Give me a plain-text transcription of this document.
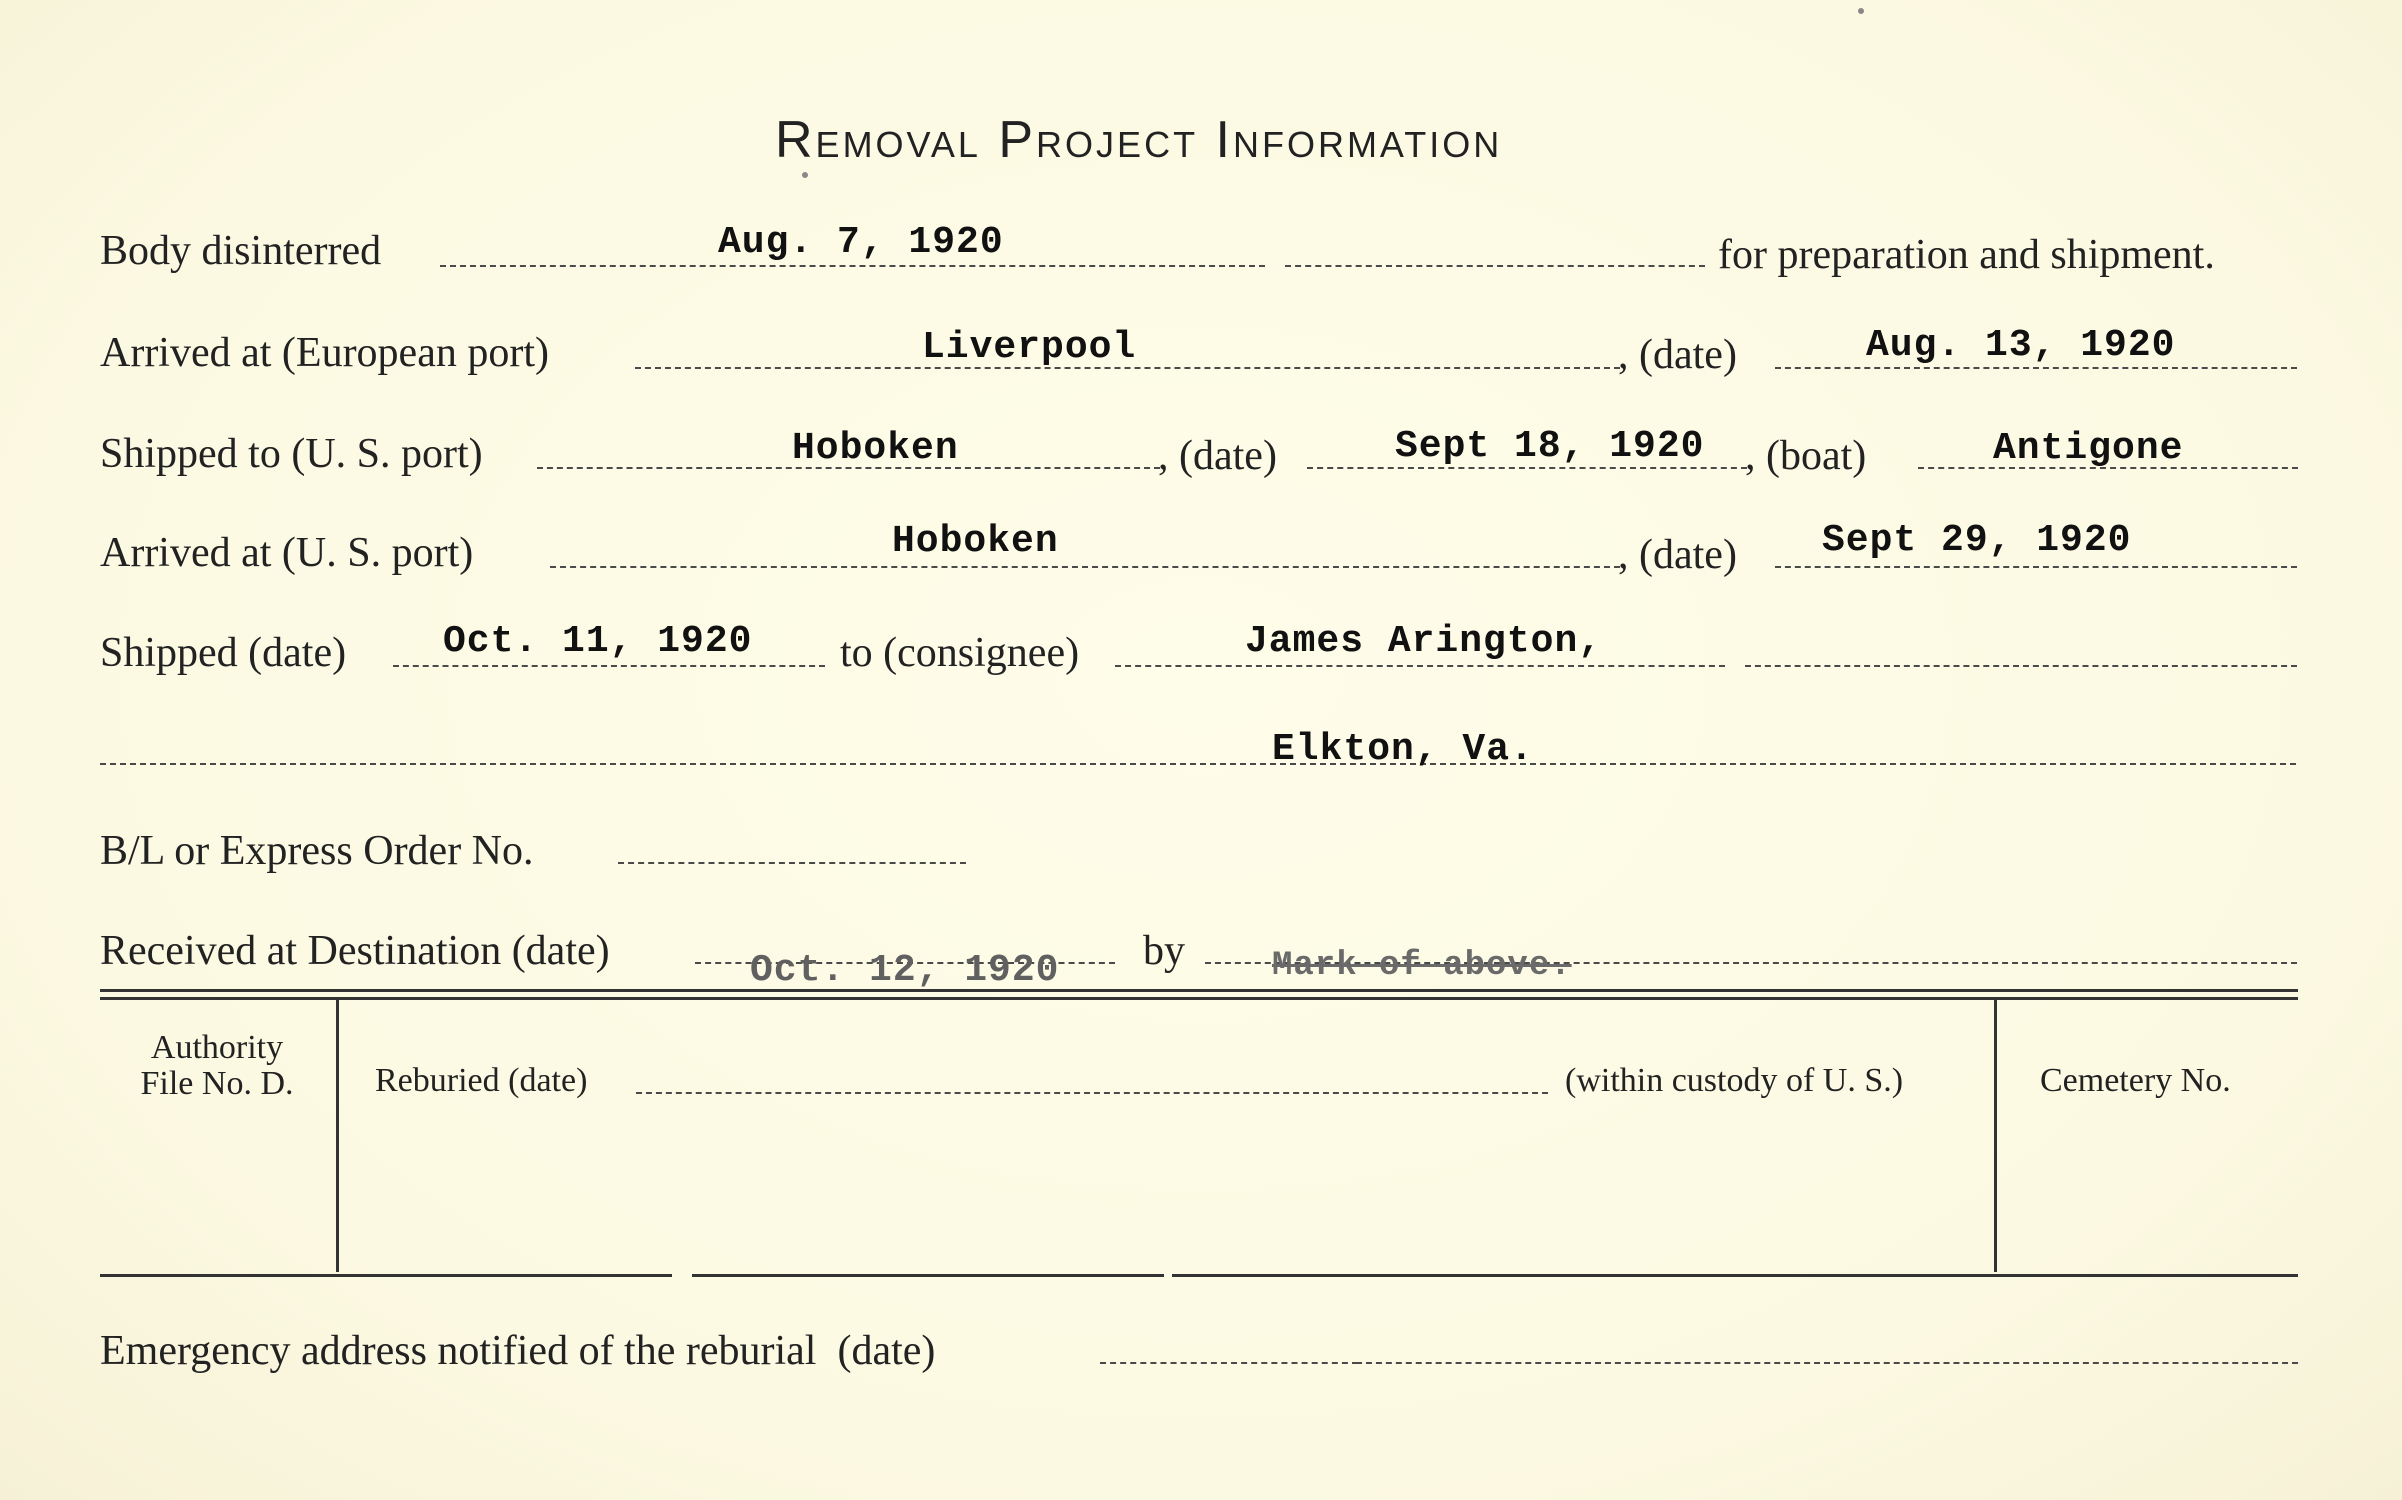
Removal Project Information
Body disinterred	Aug. 7, 1920	for preparation and shipment.
Arrived at (European port)	Liverpool	, (date)	Aug. 13, 1920
Shipped to (U. S. port)	Hoboken	, (date)	Sept 18, 1920 , (boat)	Antigone
Arrived at (U. S. port)	Hoboken	, (date) Sept 29, 1920
Shipped (date)	Oct. 11, 1920 to (consignee)	James Arington,
Elkton, Va.
B/L or Express Order No.
Received at Destination (date)	Oct. 12, 1920 by	Mark of above.
Authority
File No. D.	Reburied (date)	(within custody of U. S.)	Cemetery No.
Emergency address notified of the reburial  (date)
